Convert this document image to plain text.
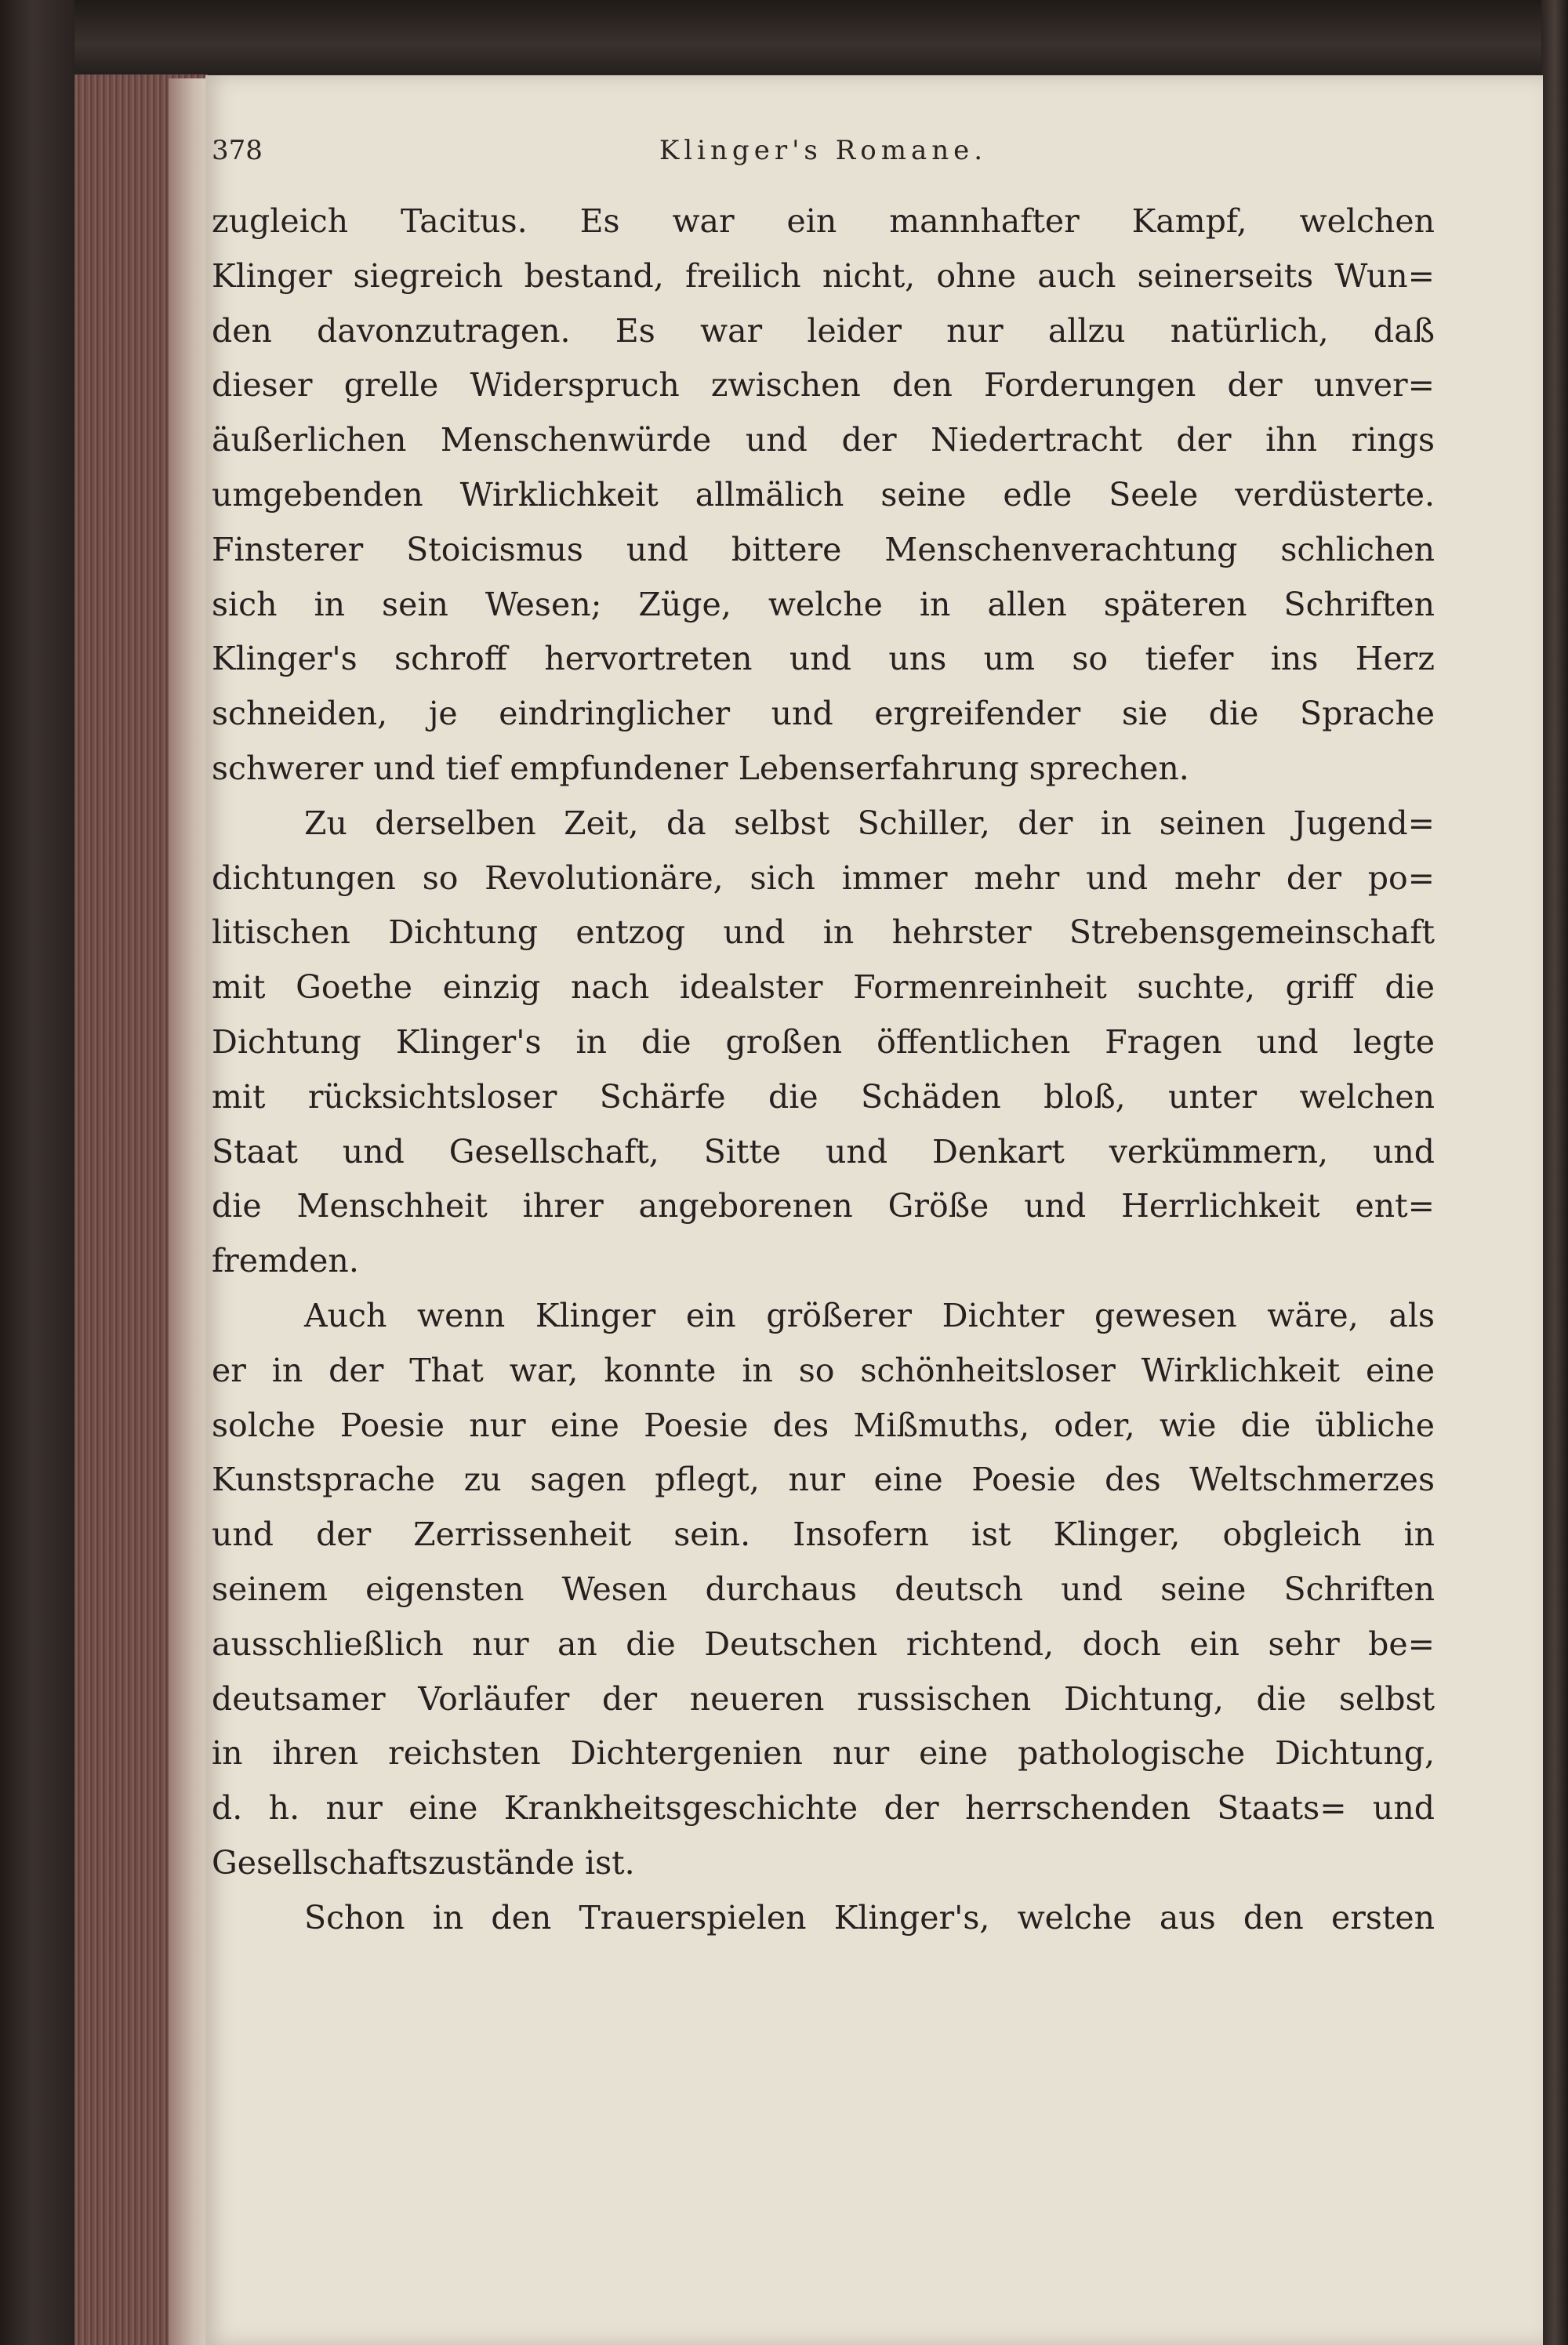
378	Klinger's Romane.
zugleich Tacitus. Es war ein mannhafter Kampf, welchen
Klinger siegreich bestand, freilich nicht, ohne auch seinerseits Wun=
den davonzutragen. Es war leider nur allzu natürlich, daß
dieser grelle Widerspruch zwischen den Forderungen der unver=
äußerlichen Menschenwürde und der Niedertracht der ihn rings
umgebenden Wirklichkeit allmälich seine edle Seele verdüsterte.
Finsterer Stoicismus und bittere Menschenverachtung schlichen
sich in sein Wesen; Züge, welche in allen späteren Schriften
Klinger's schroff hervortreten und uns um so tiefer ins Herz
schneiden, je eindringlicher und ergreifender sie die Sprache
schwerer und tief empfundener Lebenserfahrung sprechen.
Zu derselben Zeit, da selbst Schiller, der in seinen Jugend=
dichtungen so Revolutionäre, sich immer mehr und mehr der po=
litischen Dichtung entzog und in hehrster Strebensgemeinschaft
mit Goethe einzig nach idealster Formenreinheit suchte, griff die
Dichtung Klinger's in die großen öffentlichen Fragen und legte
mit rücksichtsloser Schärfe die Schäden bloß, unter welchen
Staat und Gesellschaft, Sitte und Denkart verkümmern, und
die Menschheit ihrer angeborenen Größe und Herrlichkeit ent=
fremden.
Auch wenn Klinger ein größerer Dichter gewesen wäre, als
er in der That war, konnte in so schönheitsloser Wirklichkeit eine
solche Poesie nur eine Poesie des Mißmuths, oder, wie die übliche
Kunstsprache zu sagen pflegt, nur eine Poesie des Weltschmerzes
und der Zerrissenheit sein. Insofern ist Klinger, obgleich in
seinem eigensten Wesen durchaus deutsch und seine Schriften
ausschließlich nur an die Deutschen richtend, doch ein sehr be=
deutsamer Vorläufer der neueren russischen Dichtung, die selbst
in ihren reichsten Dichtergenien nur eine pathologische Dichtung,
d. h. nur eine Krankheitsgeschichte der herrschenden Staats= und
Gesellschaftszustände ist.
Schon in den Trauerspielen Klinger's, welche aus den ersten
